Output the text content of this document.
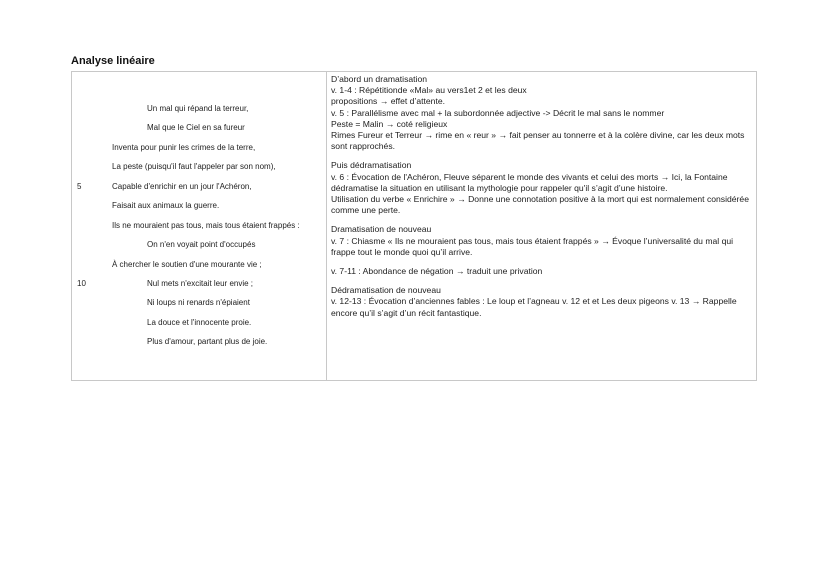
Analyse linéaire
5
10
Un mal qui répand la terreur,
Mal que le Ciel en sa fureur
Inventa pour punir les crimes de la terre,
La peste (puisqu'il faut l'appeler par son nom),
Capable d'enrichir en un jour l'Achéron,
Faisait aux animaux la guerre.
Ils ne mouraient pas tous, mais tous étaient frappés :
On n'en voyait point d'occupés
À chercher le soutien d'une mourante vie ;
Nul mets n'excitait leur envie ;
Ni loups ni renards n'épiaient
La douce et l'innocente proie.
Plus d'amour, partant plus de joie.

D’abord un dramatisation

v. 1-4 : Répétitionde «Mal» au vers1et 2 et les deux

propositions → effet d’attente.

v. 5 : Parallélisme avec mal + la subordonnée adjective -> Décrit le mal sans le nommer

Peste = Malin → coté religieux

Rimes Fureur et Terreur → rime en « reur » → fait penser au tonnerre et à la colère divine, car les deux mots sont rapprochés.

Puis dédramatisation

v. 6 : Évocation de l'Achéron, Fleuve séparent le monde des vivants et celui des morts → Ici, la Fontaine dédramatise la situation en utilisant la mythologie pour rappeler qu'il s’agit d’une histoire.

Utilisation du verbe « Enrichire » → Donne une connotation positive à la mort qui est normalement considérée comme une perte.

Dramatisation de nouveau

v. 7 : Chiasme « Ils ne mouraient pas tous, mais tous étaient frappés » → Évoque l’universalité du mal qui frappe tout le monde quoi qu’il arrive.

v. 7-11 : Abondance de négation → traduit une privation

Dédramatisation de nouveau

v. 12-13 : Évocation d’anciennes fables : Le loup et l’agneau v. 12 et et Les deux pigeons v. 13 → Rappelle encore qu’il s’agit d’un récit fantastique.
